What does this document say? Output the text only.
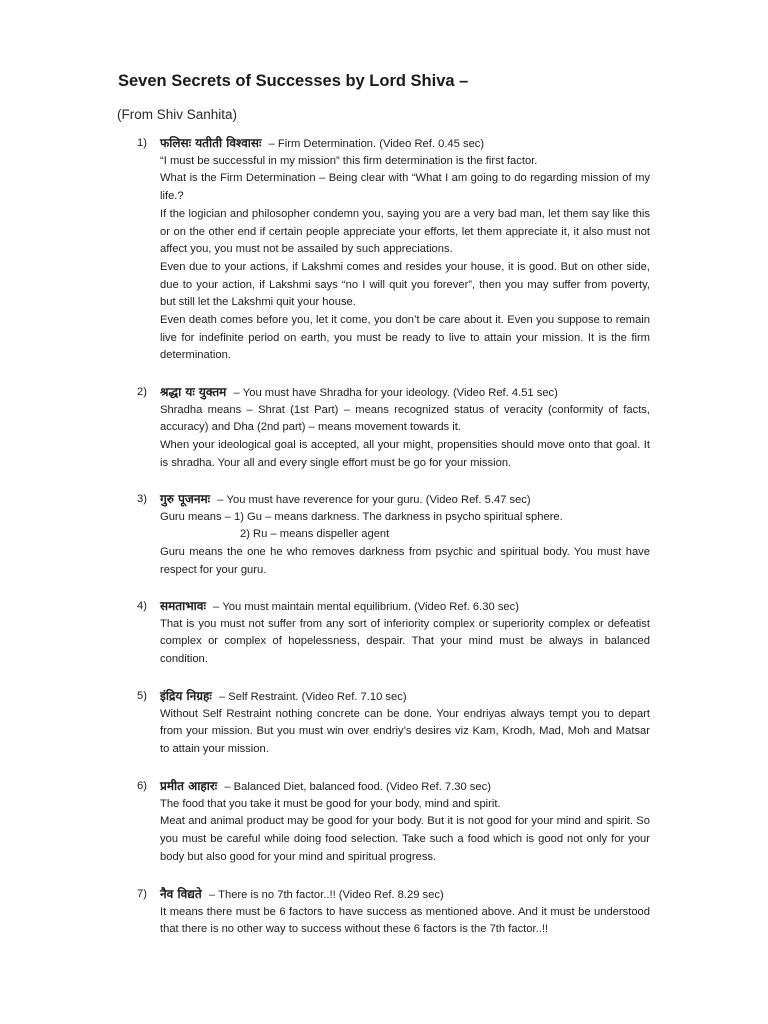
Seven Secrets of Successes by Lord Shiva –
(From Shiv Sanhita)
1)	फलिसः यतीती विश्वासः – Firm Determination. (Video Ref. 0.45 sec)

“I must be successful in my mission” this firm determination is the first factor.

What is the Firm Determination – Being clear with “What I am going to do regarding mission of my life.?

If the logician and philosopher condemn you, saying you are a very bad man, let them say like this or on the other end if certain people appreciate your efforts, let them appreciate it, it also must not affect you, you must not be assailed by such appreciations.

Even due to your actions, if Lakshmi comes and resides your house, it is good. But on other side, due to your action, if Lakshmi says “no I will quit you forever”, then you may suffer from poverty, but still let the Lakshmi quit your house.

Even death comes before you, let it come, you don’t be care about it. Even you suppose to remain live for indefinite period on earth, you must be ready to live to attain your mission. It is the firm determination.

2)	श्रद्धा यः युक्तम – You must have Shradha for your ideology. (Video Ref. 4.51 sec)

Shradha means – Shrat (1st Part) – means recognized status of veracity (conformity of facts, accuracy) and Dha (2nd part) – means movement towards it.

When your ideological goal is accepted, all your might, propensities should move onto that goal. It is shradha. Your all and every single effort must be go for your mission.

3)	गुरु पूजनमः – You must have reverence for your guru. (Video Ref. 5.47 sec)

Guru means – 1) Gu – means darkness. The darkness in psycho spiritual sphere.

2) Ru – means dispeller agent

Guru means the one he who removes darkness from psychic and spiritual body. You must have respect for your guru.

4)	समताभावः – You must maintain mental equilibrium. (Video Ref. 6.30 sec)

That is you must not suffer from any sort of inferiority complex or superiority complex or defeatist complex or complex of hopelessness, despair. That your mind must be always in balanced condition.

5)	इंद्रिय निग्रहः – Self Restraint. (Video Ref. 7.10 sec)

Without Self Restraint nothing concrete can be done. Your endriyas always tempt you to depart from your mission. But you must win over endriy’s desires viz Kam, Krodh, Mad, Moh and Matsar to attain your mission.

6)	प्रमीत आहारः – Balanced Diet, balanced food. (Video Ref. 7.30 sec)

The food that you take it must be good for your body, mind and spirit.

Meat and animal product may be good for your body. But it is not good for your mind and spirit. So you must be careful while doing food selection. Take such a food which is good not only for your body but also good for your mind and spiritual progress.

7)	नैव विद्यते – There is no 7th factor..!! (Video Ref. 8.29 sec)

It means there must be 6 factors to have success as mentioned above. And it must be understood that there is no other way to success without these 6 factors is the 7th factor..!!
